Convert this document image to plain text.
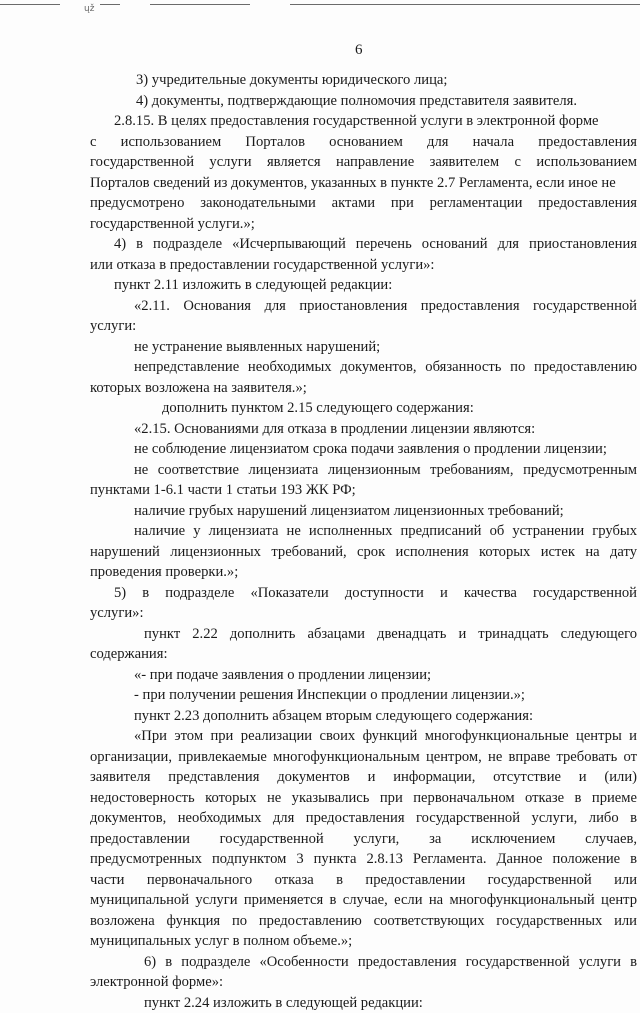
ųž
6
3) учредительные документы юридического лица;
4) документы, подтверждающие полномочия представителя заявителя.
2.8.15. В целях предоставления государственной услуги в электронной форме
с использованием Порталов основанием для начала предоставления
государственной услуги является направление заявителем с использованием
Порталов сведений из документов, указанных в пункте 2.7 Регламента, если иное не
предусмотрено законодательными актами при регламентации предоставления
государственной услуги.»;
4) в подразделе «Исчерпывающий перечень оснований для приостановления
или отказа в предоставлении государственной услуги»:
пункт 2.11 изложить в следующей редакции:
«2.11. Основания для приостановления предоставления государственной
услуги:
не устранение выявленных нарушений;
непредставление необходимых документов, обязанность по предоставлению
которых возложена на заявителя.»;
дополнить пунктом 2.15 следующего содержания:
«2.15. Основаниями для отказа в продлении лицензии являются:
не соблюдение лицензиатом срока подачи заявления о продлении лицензии;
не соответствие лицензиата лицензионным требованиям, предусмотренным
пунктами 1-6.1 части 1 статьи 193 ЖК РФ;
наличие грубых нарушений лицензиатом лицензионных требований;
наличие у лицензиата не исполненных предписаний об устранении грубых
нарушений лицензионных требований, срок исполнения которых истек на дату
проведения проверки.»;
5) в подразделе «Показатели доступности и качества государственной
услуги»:
пункт 2.22 дополнить абзацами двенадцать и тринадцать следующего
содержания:
«- при подаче заявления о продлении лицензии;
- при получении решения Инспекции о продлении лицензии.»;
пункт 2.23 дополнить абзацем вторым следующего содержания:
«При этом при реализации своих функций многофункциональные центры и
организации, привлекаемые многофункциональным центром, не вправе требовать от
заявителя представления документов и информации, отсутствие и (или)
недостоверность которых не указывались при первоначальном отказе в приеме
документов, необходимых для предоставления государственной услуги, либо в
предоставлении государственной услуги, за исключением случаев,
предусмотренных подпунктом 3 пункта 2.8.13 Регламента. Данное положение в
части первоначального отказа в предоставлении государственной или
муниципальной услуги применяется в случае, если на многофункциональный центр
возложена функция по предоставлению соответствующих государственных или
муниципальных услуг в полном объеме.»;
6) в подразделе «Особенности предоставления государственной услуги в
электронной форме»:
пункт 2.24 изложить в следующей редакции:
